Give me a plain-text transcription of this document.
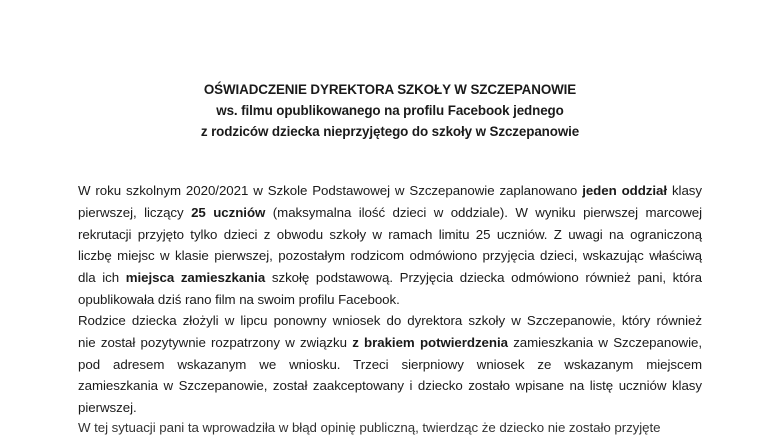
OŚWIADCZENIE DYREKTORA SZKOŁY W SZCZEPANOWIE
ws. filmu opublikowanego na profilu Facebook jednego
z rodziców dziecka nieprzyjętego do szkoły w Szczepanowie
W roku szkolnym 2020/2021 w Szkole Podstawowej w Szczepanowie zaplanowano jeden oddział klasy
pierwszej, liczący 25 uczniów (maksymalna ilość dzieci w oddziale). W wyniku pierwszej marcowej
rekrutacji przyjęto tylko dzieci z obwodu szkoły w ramach limitu 25 uczniów. Z uwagi na ograniczoną
liczbę miejsc w klasie pierwszej, pozostałym rodzicom odmówiono przyjęcia dzieci, wskazując właściwą
dla ich miejsca zamieszkania szkołę podstawową. Przyjęcia dziecka odmówiono również pani, która
opublikowała dziś rano film na swoim profilu Facebook.
Rodzice dziecka złożyli w lipcu ponowny wniosek do dyrektora szkoły w Szczepanowie, który również
nie został pozytywnie rozpatrzony w związku z brakiem potwierdzenia zamieszkania w Szczepanowie,
pod adresem wskazanym we wniosku. Trzeci sierpniowy wniosek ze wskazanym miejscem
zamieszkania w Szczepanowie, został zaakceptowany i dziecko zostało wpisane na listę uczniów klasy
pierwszej.
W tej sytuacji pani ta wprowadziła w błąd opinię publiczną, twierdząc że dziecko nie zostało przyjęte
